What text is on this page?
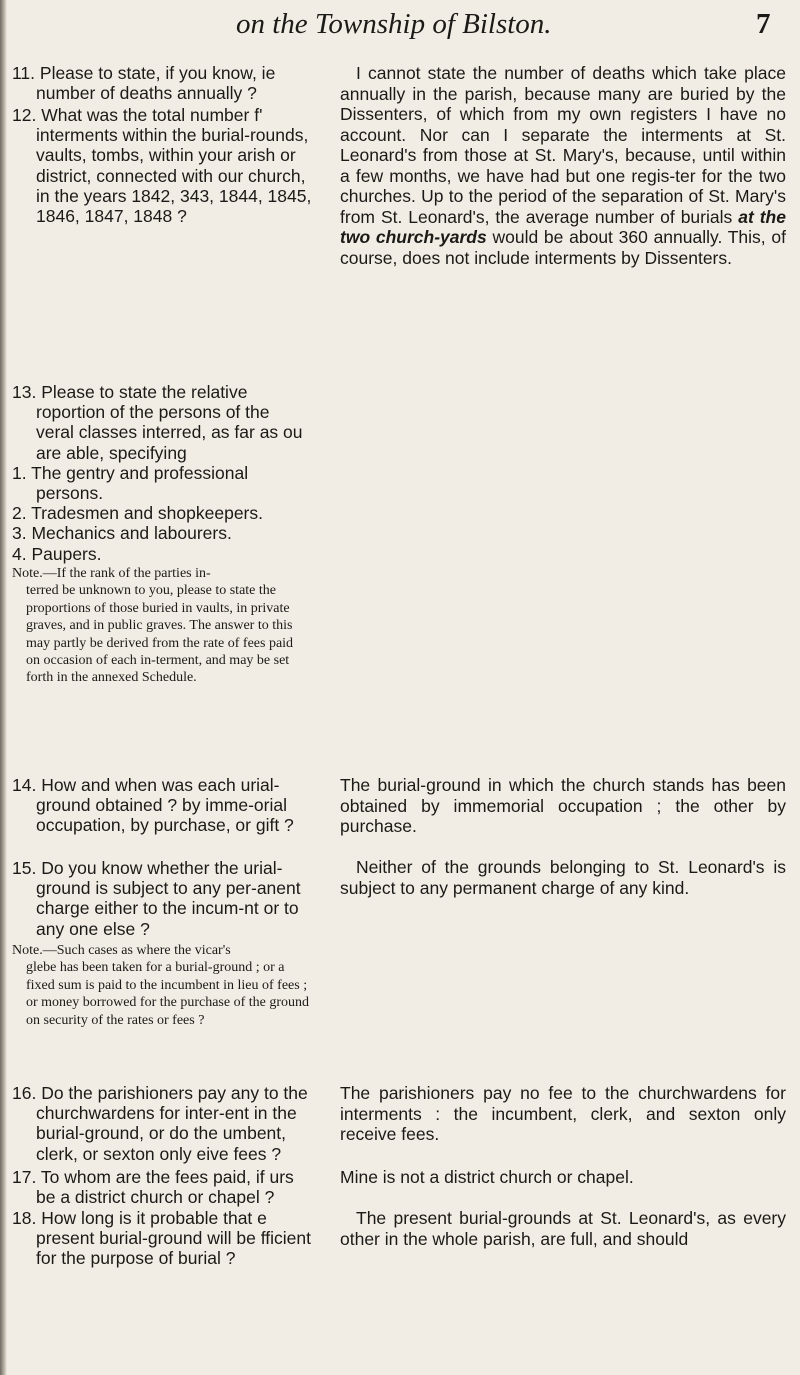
on the Township of Bilston.	7

11. Please to state, if you know, ie number of deaths annually ?

12. What was the total number f' interments within the burial-rounds, vaults, tombs, within your arish or district, connected with our church, in the years 1842, 343, 1844, 1845, 1846, 1847, 1848 ?

13. Please to state the relative roportion of the persons of the veral classes interred, as far as ou are able, specifying

1. The gentry and professional persons.

2. Tradesmen and shopkeepers.

3. Mechanics and labourers.

4. Paupers.

Note.—If the rank of the parties in-

terred be unknown to you, please to state the proportions of those buried in vaults, in private graves, and in public graves. The answer to this may partly be derived from the rate of fees paid on occasion of each in-terment, and may be set forth in the annexed Schedule.

14. How and when was each urial-ground obtained ? by imme-orial occupation, by purchase, or gift ?

15. Do you know whether the urial-ground is subject to any per-anent charge either to the incum-nt or to any one else ?

Note.—Such cases as where the vicar's

glebe has been taken for a burial-ground ; or a fixed sum is paid to the incumbent in lieu of fees ; or money borrowed for the purchase of the ground on security of the rates or fees ?

16. Do the parishioners pay any to the churchwardens for inter-ent in the burial-ground, or do the umbent, clerk, or sexton only eive fees ?

17. To whom are the fees paid, if urs be a district church or chapel ?

18. How long is it probable that e present burial-ground will be fficient for the purpose of burial ?

I cannot state the number of deaths which take place annually in the parish, because many are buried by the Dissenters, of which from my own registers I have no account. Nor can I separate the interments at St. Leonard's from those at St. Mary's, because, until within a few months, we have had but one regis-ter for the two churches. Up to the period of the separation of St. Mary's from St. Leonard's, the average number of burials at the two church-yards would be about 360 annually. This, of course, does not include interments by Dissenters.

The burial-ground in which the church stands has been obtained by immemorial occupation ; the other by purchase.

Neither of the grounds belonging to St. Leonard's is subject to any permanent charge of any kind.

The parishioners pay no fee to the churchwardens for interments : the incumbent, clerk, and sexton only receive fees.

Mine is not a district church or chapel.

The present burial-grounds at St. Leonard's, as every other in the whole parish, are full, and should
